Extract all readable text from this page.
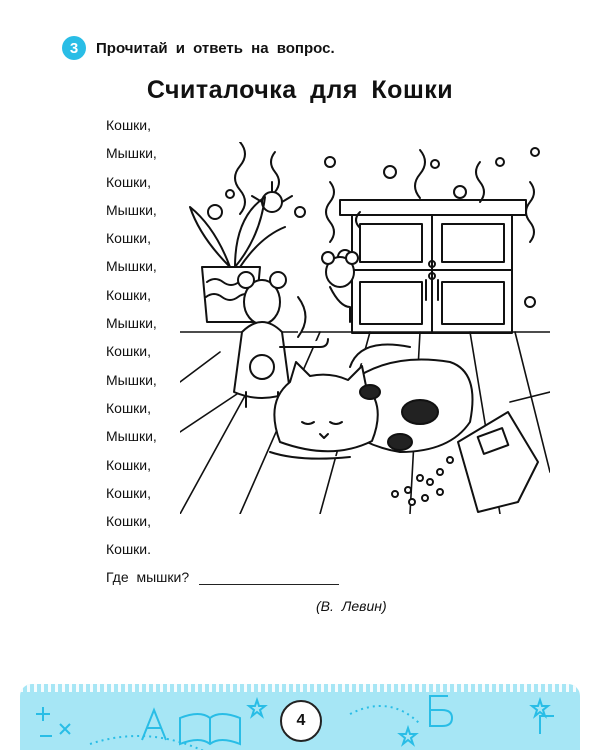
3	Прочитай и ответь на вопрос.
Считалочка для Кошки
Кошки,
Мышки,
Кошки,
Мышки,
Кошки,
Мышки,
Кошки,
Мышки,
Кошки,
Мышки,
Кошки,
Мышки,
Кошки,
Кошки,
Кошки,
Кошки.
Где мышки?
(В. Левин)
4
